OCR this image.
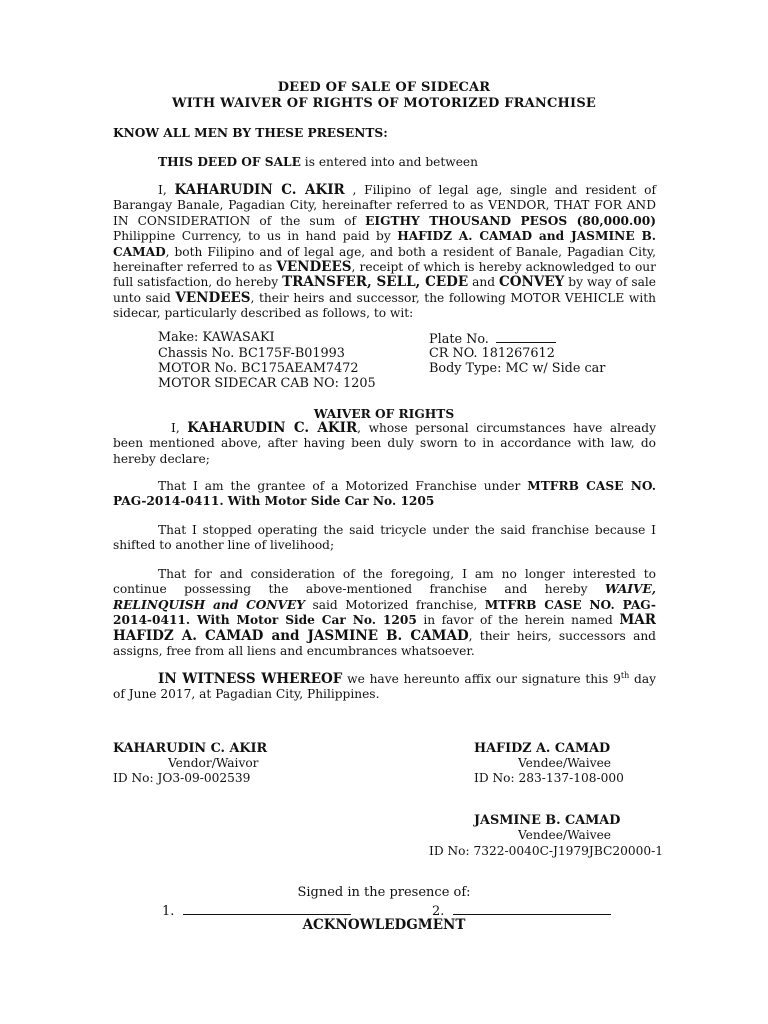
DEED OF SALE OF SIDECAR
WITH WAIVER OF RIGHTS OF MOTORIZED FRANCHISE
KNOW ALL MEN BY THESE PRESENTS:
THIS DEED OF SALE is entered into and between
I, KAHARUDIN C. AKIR , Filipino of legal age, single and resident of Barangay Banale, Pagadian City, hereinafter referred to as VENDOR, THAT FOR AND IN CONSIDERATION of the sum of EIGTHY THOUSAND PESOS (80,000.00) Philippine Currency, to us in hand paid by HAFIDZ A. CAMAD and JASMINE B. CAMAD, both Filipino and of legal age, and both a resident of Banale, Pagadian City, hereinafter referred to as VENDEES, receipt of which is hereby acknowledged to our full satisfaction, do hereby TRANSFER, SELL, CEDE and CONVEY by way of sale unto said VENDEES, their heirs and successor, the following MOTOR VEHICLE with sidecar, particularly described as follows, to wit:
Make: KAWASAKI
Chassis No. BC175F-B01993
MOTOR No. BC175AEAM7472
MOTOR SIDECAR CAB NO: 1205
Plate No.
CR NO. 181267612
Body Type: MC w/ Side car
WAIVER OF RIGHTS
I, KAHARUDIN C. AKIR, whose personal circumstances have already been mentioned above, after having been duly sworn to in accordance with law, do hereby declare;
That I am the grantee of a Motorized Franchise under MTFRB CASE NO. PAG-2014-0411. With Motor Side Car No. 1205
That I stopped operating the said tricycle under the said franchise because I shifted to another line of livelihood;
That for and consideration of the foregoing, I am no longer interested to continue possessing the above-mentioned franchise and hereby WAIVE, RELINQUISH and CONVEY said Motorized franchise, MTFRB CASE NO. PAG-2014-0411. With Motor Side Car No. 1205 in favor of the herein named MAR HAFIDZ A. CAMAD and JASMINE B. CAMAD, their heirs, successors and assigns, free from all liens and encumbrances whatsoever.
IN WITNESS WHEREOF we have hereunto affix our signature this 9th day of June 2017, at Pagadian City, Philippines.
KAHARUDIN C. AKIR
Vendor/Waivor
ID No: JO3-09-002539
HAFIDZ A. CAMAD
Vendee/Waivee
ID No: 283-137-108-000
JASMINE B. CAMAD
Vendee/Waivee
ID No: 7322-0040C-J1979JBC20000-1
Signed in the presence of:
1.	2.
ACKNOWLEDGMENT
